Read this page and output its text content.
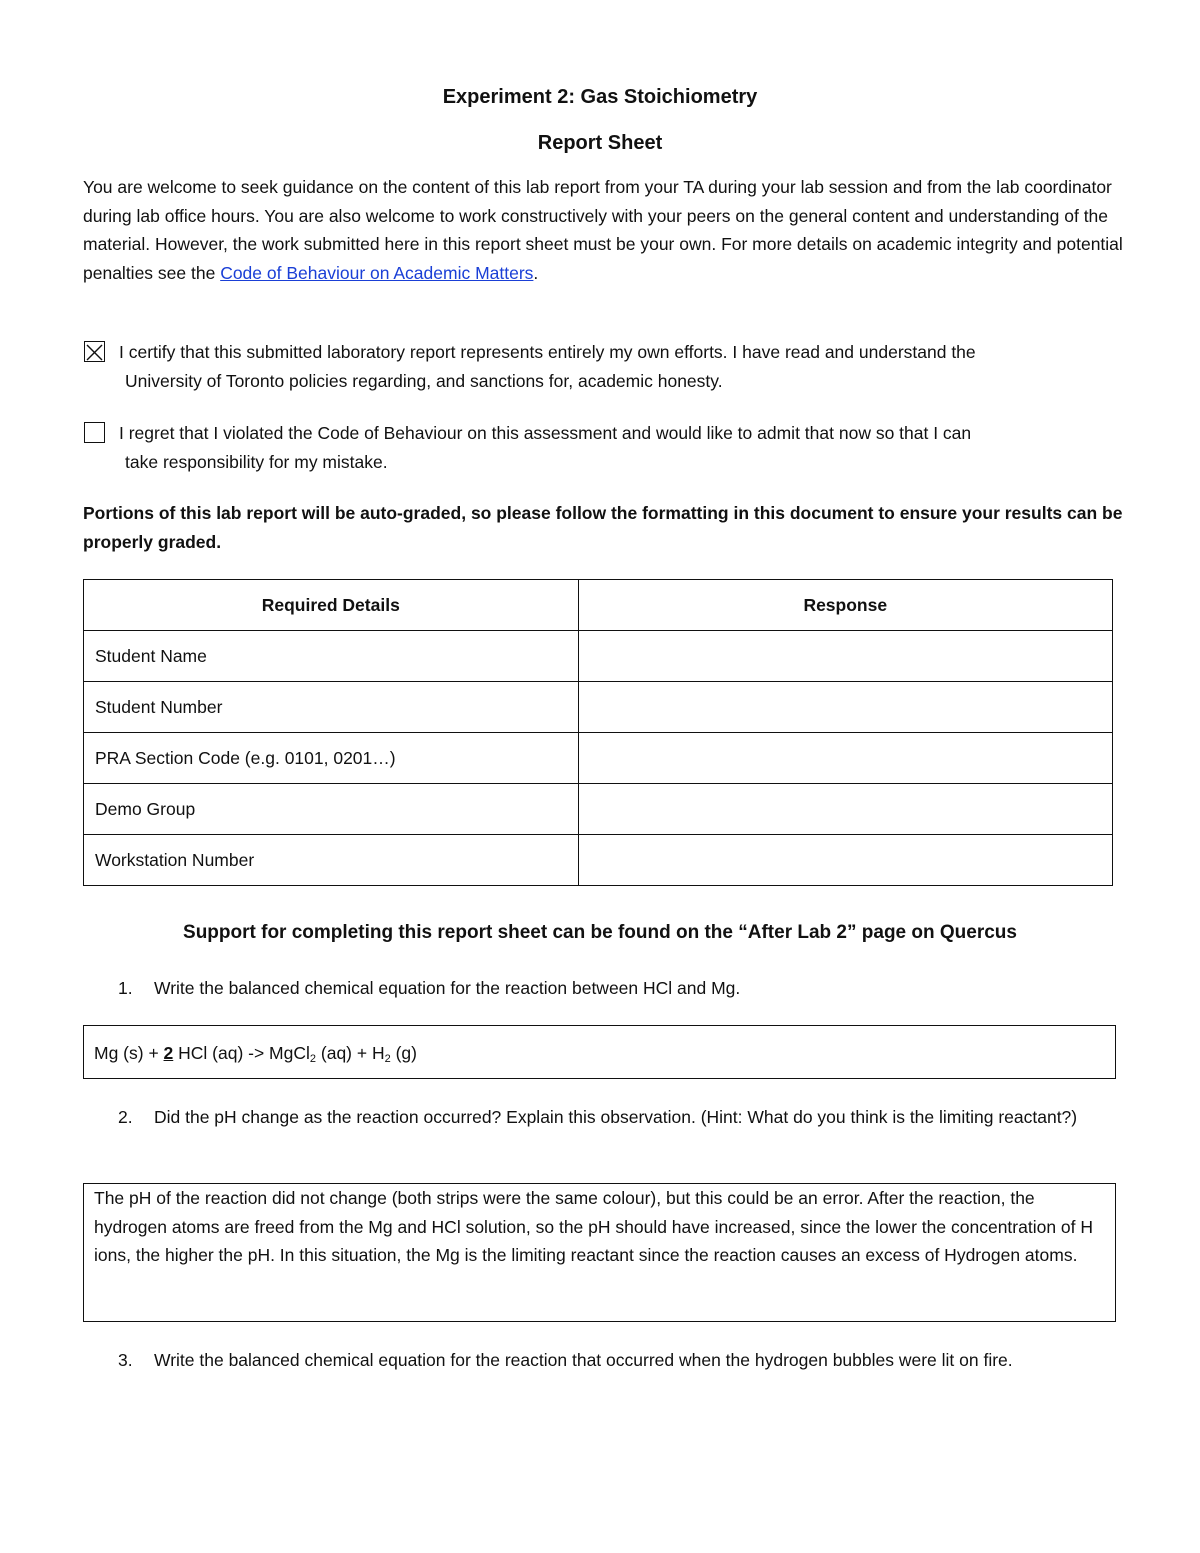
Experiment 2: Gas Stoichiometry
Report Sheet
You are welcome to seek guidance on the content of this lab report from your TA during your lab session and from the lab coordinator during lab office hours. You are also welcome to work constructively with your peers on the general content and understanding of the material. However, the work submitted here in this report sheet must be your own. For more details on academic integrity and potential penalties see the Code of Behaviour on Academic Matters.
I certify that this submitted laboratory report represents entirely my own efforts. I have read and understand the
University of Toronto policies regarding, and sanctions for, academic honesty.
I regret that I violated the Code of Behaviour on this assessment and would like to admit that now so that I can
take responsibility for my mistake.
Portions of this lab report will be auto-graded, so please follow the formatting in this document to ensure your results can be properly graded.
Required Details	Response
Student Name	
Student Number	
PRA Section Code (e.g. 0101, 0201…)	
Demo Group	
Workstation Number	
Support for completing this report sheet can be found on the “After Lab 2” page on Quercus
1.	Write the balanced chemical equation for the reaction between HCl and Mg.
Mg (s) + 2 HCl (aq) -> MgCl$_2$ $(aq) + H_2$ (g)
2.	Did the pH change as the reaction occurred? Explain this observation. (Hint: What do you think is the limiting reactant?)
The pH of the reaction did not change (both strips were the same colour), but this could be an error. After the reaction, the hydrogen atoms are freed from the Mg and HCl solution, so the pH should have increased, since the lower the concentration of H ions, the higher the pH. In this situation, the Mg is the limiting reactant since the reaction causes an excess of Hydrogen atoms.
3.	Write the balanced chemical equation for the reaction that occurred when the hydrogen bubbles were lit on fire.
